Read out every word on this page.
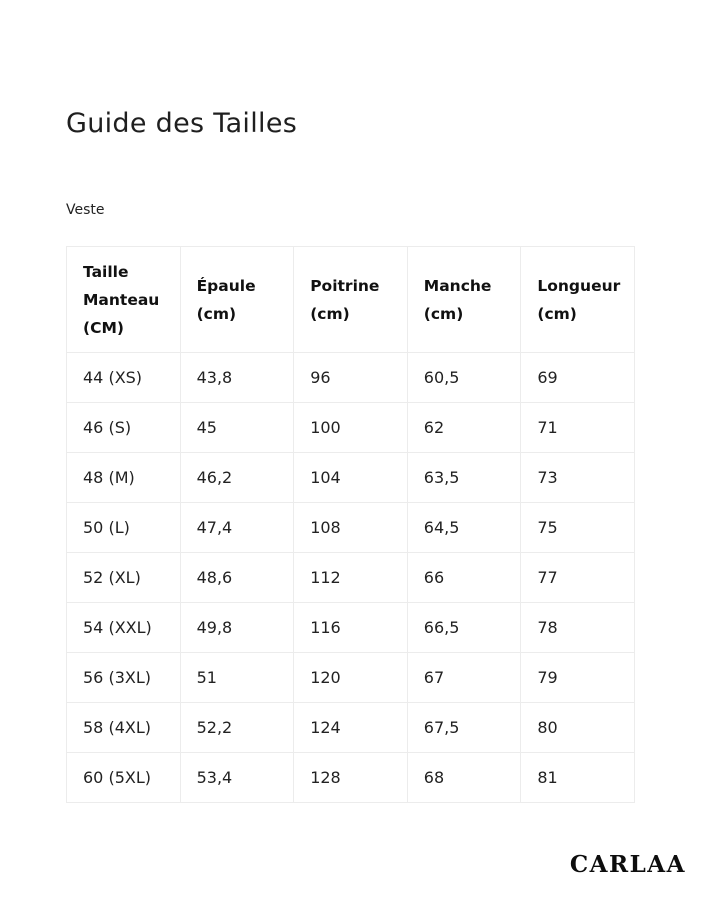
Guide des Tailles
Veste
Taille Manteau (CM)	Épaule (cm)	Poitrine (cm)	Manche (cm)	Longueur (cm)
44 (XS)	43,8	96	60,5	69
46 (S)	45	100	62	71
48 (M)	46,2	104	63,5	73
50 (L)	47,4	108	64,5	75
52 (XL)	48,6	112	66	77
54 (XXL)	49,8	116	66,5	78
56 (3XL)	51	120	67	79
58 (4XL)	52,2	124	67,5	80
60 (5XL)	53,4	128	68	81
CARLAA
